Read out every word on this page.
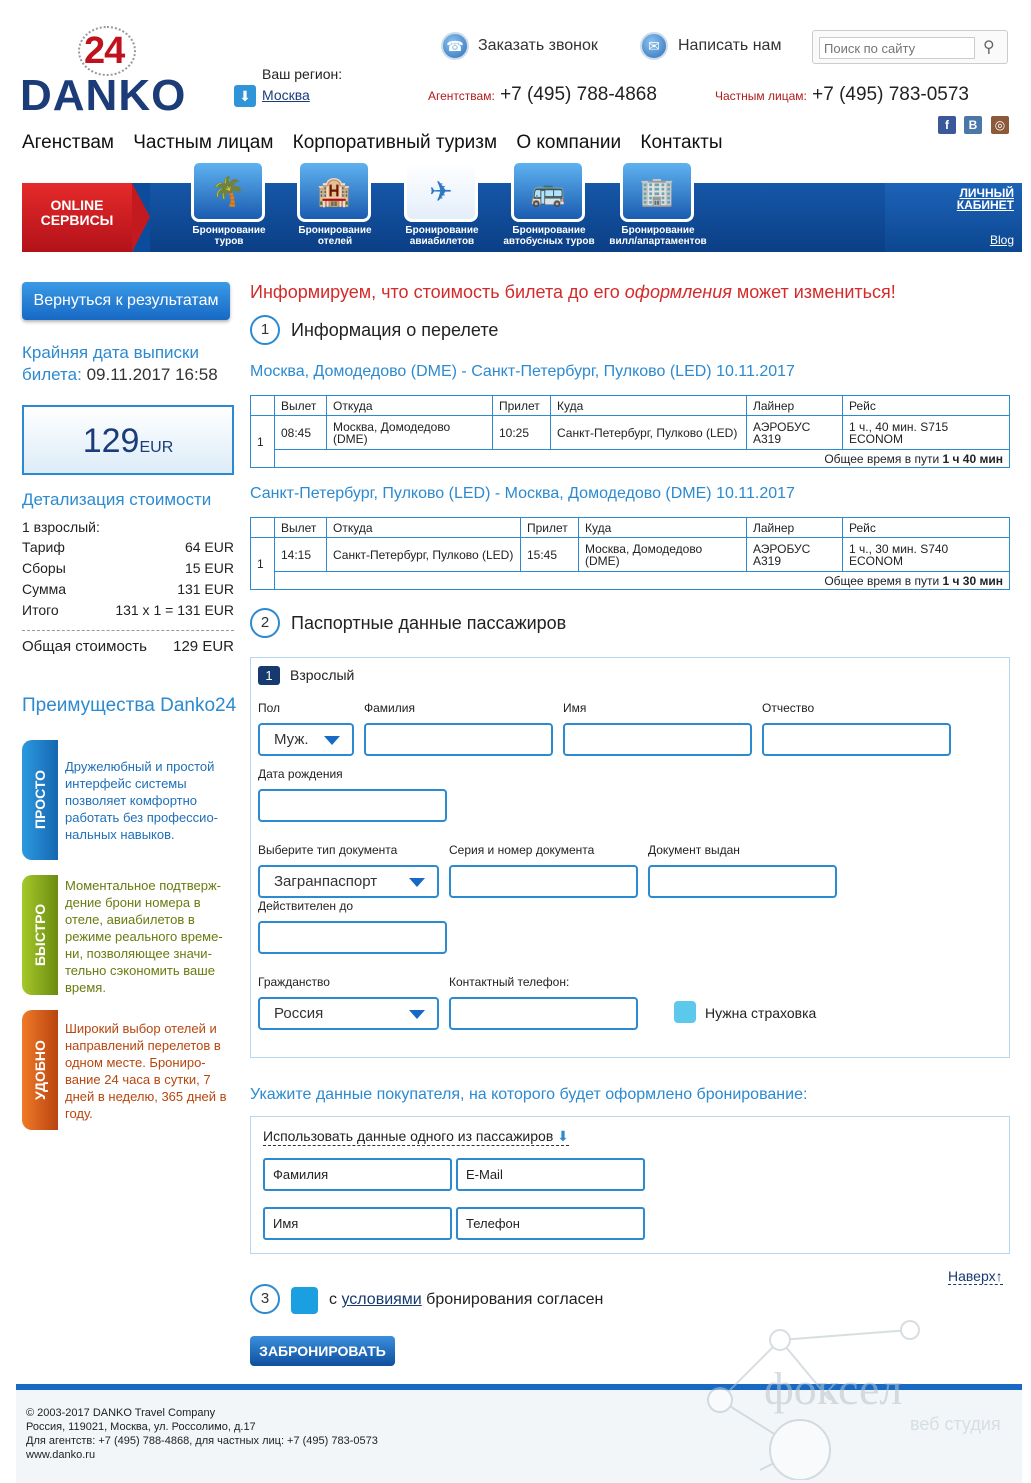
24
DANKO	Ваш регион:
⬇ Москва
☎ Заказать звонок	✉	Написать нам
Поиск по сайту	⚲
Агентствам: +7 (495) 788-4868	Частным лицам: +7 (495) 783-0573
f	B	◎
Агенствам Частным лицам Корпоративный туризм О компании Контакты
ONLINE
СЕРВИСЫ
ЛИЧНЫЙ
КАБИНЕТ
Blog
🌴
Бронирование
туров
🏨
Бронирование
отелей
✈
Бронирование
авиабилетов
🚌
Бронирование
автобусных туров
🏢
Бронирование
вилл/апартаментов
Вернуться к результатам
Крайняя дата выписки билета: 09.11.2017 16:58
129EUR
Детализация стоимости
1 взрослый:
Тариф	64 EUR
Сборы	15 EUR
Сумма	131 EUR
Итого	131 x 1 = 131 EUR
Общая стоимость 129 EUR
Преимущества Danko24
ПРОСТО
Дружелюбный и простой интерфейс системы позволяет комфортно работать без профессио-нальных навыков.
БЫСТРО
Моментальное подтверж-дение брони номера в отеле, авиабилетов в режиме реального време-ни, позволяющее значи-тельно сэкономить ваше время.
УДОБНО
Широкий выбор отелей и направлений перелетов в одном месте. Брониро-вание 24 часа в сутки, 7 дней в неделю, 365 дней в году.
Информируем, что стоимость билета до его оформления может измениться!
1	Информация о перелете
Москва, Домодедово (DME) - Санкт-Петербург, Пулково (LED) 10.11.2017
	Вылет	Откуда	Прилет	Куда	Лайнер	Рейс
1	08:45	Москва, Домодедово (DME)	10:25	Санкт-Петербург, Пулково (LED)	АЭРОБУС А319	1 ч., 40 мин. S715 ECONOM
	Общее время в пути 1 ч 40 мин					
Санкт-Петербург, Пулково (LED) - Москва, Домодедово (DME) 10.11.2017
	Вылет	Откуда	Прилет	Куда	Лайнер	Рейс
1	14:15	Санкт-Петербург, Пулково (LED)	15:45	Москва, Домодедово (DME)	АЭРОБУС А319	1 ч., 30 мин. S740 ECONOM
	Общее время в пути 1 ч 30 мин					
2	Паспортные данные пассажиров
1	Взрослый
Пол	Фамилия	Имя	Отчество
Муж.
Дата рождения
Выберите тип документа	Серия и номер документа	Документ выдан
Загранпаспорт
Действителен до
Гражданство	Контактный телефон:
Россия	Нужна страховка
Укажите данные покупателя, на которого будет оформлено бронирование:
Использовать данные одного из пассажиров ⬇
Фамилия	E-Mail
Имя	Телефон
Наверх↑
3	с условиями бронирования согласен
ЗАБРОНИРОВАТЬ
© 2003-2017 DANKO Travel Company
Россия, 119021, Москва, ул. Россолимо, д.17
Для агентств: +7 (495) 788-4868, для частных лиц: +7 (495) 783-0573
www.danko.ru
фоксел
веб студия
